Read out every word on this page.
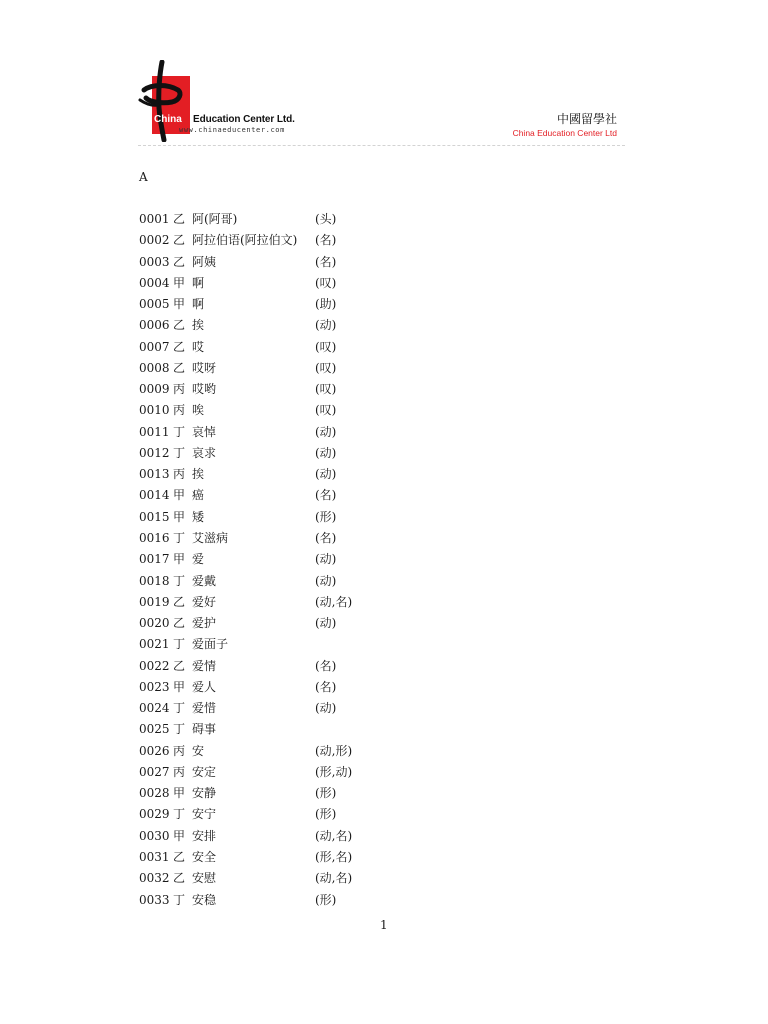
China Education Center Ltd.
www.chinaeducenter.com
中國留學社
China Education Center Ltd
A
0001 乙 阿(阿哥)	(头)
0002 乙 阿拉伯语(阿拉伯文) (名)
0003 乙 阿姨	(名)
0004 甲 啊	(叹)
0005 甲 啊	(助)
0006 乙 挨	(动)
0007 乙 哎	(叹)
0008 乙 哎呀	(叹)
0009 丙 哎哟	(叹)
0010 丙 唉	(叹)
0011 丁 哀悼	(动)
0012 丁 哀求	(动)
0013 丙 挨	(动)
0014 甲 癌	(名)
0015 甲 矮	(形)
0016 丁 艾滋病	(名)
0017 甲 爱	(动)
0018 丁 爱戴	(动)
0019 乙 爱好	(动,名)
0020 乙 爱护	(动)
0021 丁 爱面子
0022 乙 爱情	(名)
0023 甲 爱人	(名)
0024 丁 爱惜	(动)
0025 丁 碍事
0026 丙 安	(动,形)
0027 丙 安定	(形,动)
0028 甲 安静	(形)
0029 丁 安宁	(形)
0030 甲 安排	(动,名)
0031 乙 安全	(形,名)
0032 乙 安慰	(动,名)
0033 丁 安稳	(形)
1
